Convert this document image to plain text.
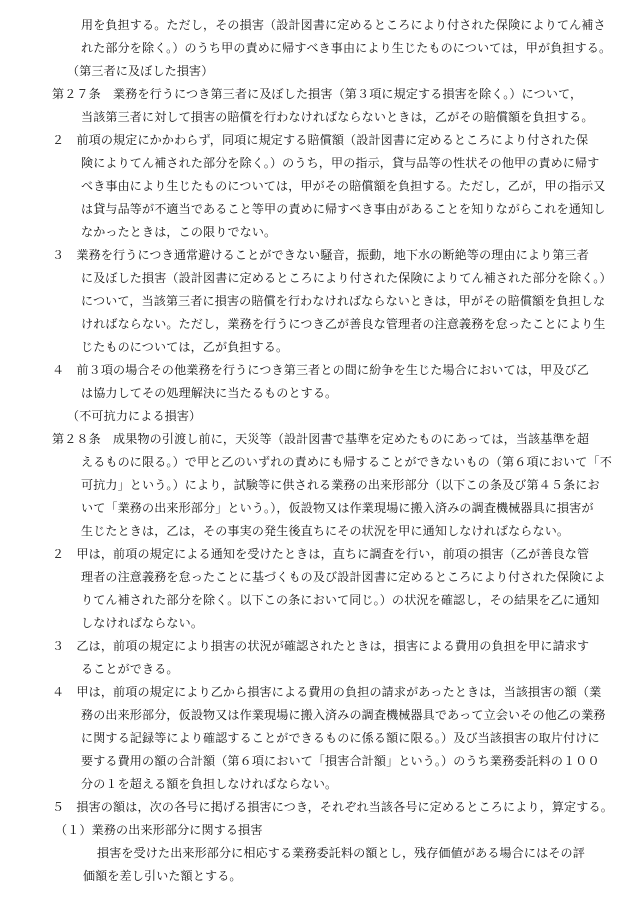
用を負担する。ただし，その損害（設計図書に定めるところにより付された保険によりてん補さ
れた部分を除く。）のうち甲の責めに帰すべき事由により生じたものについては，甲が負担する。
（第三者に及ぼした損害）
第２７条　業務を行うにつき第三者に及ぼした損害（第３項に規定する損害を除く。）について，
当該第三者に対して損害の賠償を行わなければならないときは，乙がその賠償額を負担する。
２　前項の規定にかかわらず，同項に規定する賠償額（設計図書に定めるところにより付された保
険によりてん補された部分を除く。）のうち，甲の指示，貸与品等の性状その他甲の責めに帰す
べき事由により生じたものについては，甲がその賠償額を負担する。ただし，乙が，甲の指示又
は貸与品等が不適当であること等甲の責めに帰すべき事由があることを知りながらこれを通知し
なかったときは，この限りでない。
３　業務を行うにつき通常避けることができない騒音，振動，地下水の断絶等の理由により第三者
に及ぼした損害（設計図書に定めるところにより付された保険によりてん補された部分を除く。）
について，当該第三者に損害の賠償を行わなければならないときは，甲がその賠償額を負担しな
ければならない。ただし，業務を行うにつき乙が善良な管理者の注意義務を怠ったことにより生
じたものについては，乙が負担する。
４　前３項の場合その他業務を行うにつき第三者との間に紛争を生じた場合においては，甲及び乙
は協力してその処理解決に当たるものとする。
（不可抗力による損害）
第２８条　成果物の引渡し前に，天災等（設計図書で基準を定めたものにあっては，当該基準を超
えるものに限る。）で甲と乙のいずれの責めにも帰することができないもの（第６項において「不
可抗力」という。）により，試験等に供される業務の出来形部分（以下この条及び第４５条にお
いて「業務の出来形部分」という。），仮設物又は作業現場に搬入済みの調査機械器具に損害が
生じたときは，乙は，その事実の発生後直ちにその状況を甲に通知しなければならない。
２　甲は，前項の規定による通知を受けたときは，直ちに調査を行い，前項の損害（乙が善良な管
理者の注意義務を怠ったことに基づくもの及び設計図書に定めるところにより付された保険によ
りてん補された部分を除く。以下この条において同じ。）の状況を確認し，その結果を乙に通知
しなければならない。
３　乙は，前項の規定により損害の状況が確認されたときは，損害による費用の負担を甲に請求す
ることができる。
４　甲は，前項の規定により乙から損害による費用の負担の請求があったときは，当該損害の額（業
務の出来形部分，仮設物又は作業現場に搬入済みの調査機械器具であって立会いその他乙の業務
に関する記録等により確認することができるものに係る額に限る。）及び当該損害の取片付けに
要する費用の額の合計額（第６項において「損害合計額」という。）のうち業務委託料の１００
分の１を超える額を負担しなければならない。
５　損害の額は，次の各号に掲げる損害につき，それぞれ当該各号に定めるところにより，算定する。
（１）業務の出来形部分に関する損害
損害を受けた出来形部分に相応する業務委託料の額とし，残存価値がある場合にはその評
価額を差し引いた額とする。
